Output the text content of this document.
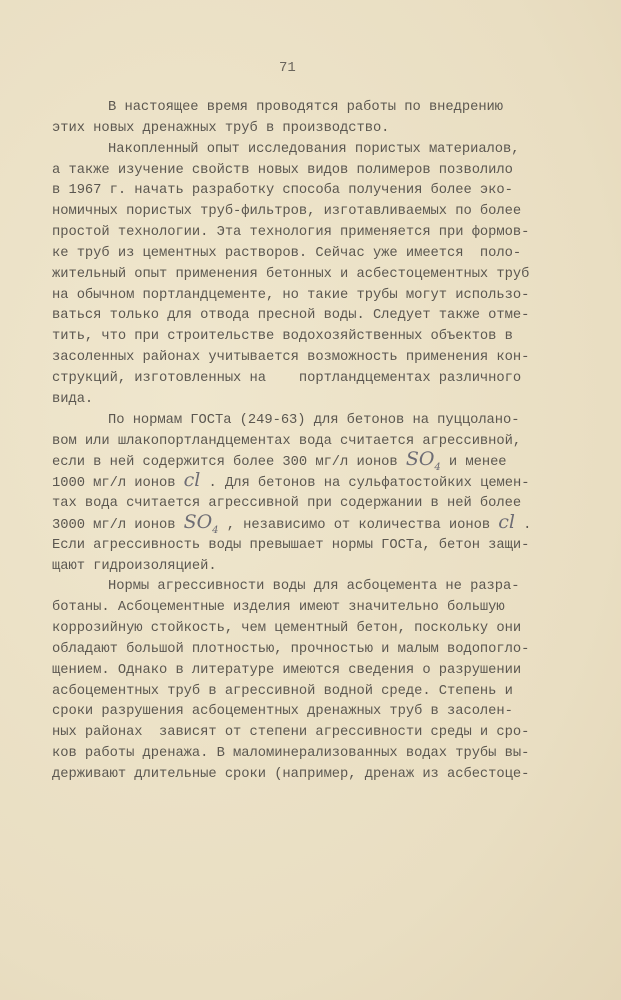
71
В настоящее время проводятся работы по внедрению
этих новых дренажных труб в производство.
Накопленный опыт исследования пористых материалов,
а также изучение свойств новых видов полимеров позволило
в 1967 г. начать разработку способа получения более эко-
номичных пористых труб-фильтров, изготавливаемых по более
простой технологии. Эта технология применяется при формов-
ке труб из цементных растворов. Сейчас уже имеется  поло-
жительный опыт применения бетонных и асбестоцементных труб
на обычном портландцементе, но такие трубы могут использо-
ваться только для отвода пресной воды. Следует также отме-
тить, что при строительстве водохозяйственных объектов в
засоленных районах учитывается возможность применения кон-
струкций, изготовленных на    портландцементах различного
вида.
По нормам ГОСТа (249-63) для бетонов на пуццолано-
вом или шлакопортландцементах вода считается агрессивной,
если в ней содержится более 300 мг/л ионов $SO_4$ и менее
1000 мг/л ионов cl . Для бетонов на сульфатостойких цемен-
тах вода считается агрессивной при содержании в ней более
3000 мг/л ионов $SO_4$ , независимо от количества ионов cl .
Если агрессивность воды превышает нормы ГОСТа, бетон защи-
щают гидроизоляцией.
Нормы агрессивности воды для асбоцемента не разра-
ботаны. Асбоцементные изделия имеют значительно большую
коррозийную стойкость, чем цементный бетон, поскольку они
обладают большой плотностью, прочностью и малым водопогло-
щением. Однако в литературе имеются сведения о разрушении
асбоцементных труб в агрессивной водной среде. Степень и
сроки разрушения асбоцементных дренажных труб в засолен-
ных районах  зависят от степени агрессивности среды и сро-
ков работы дренажа. В маломинерализованных водах трубы вы-
держивают длительные сроки (например, дренаж из асбестоце-
